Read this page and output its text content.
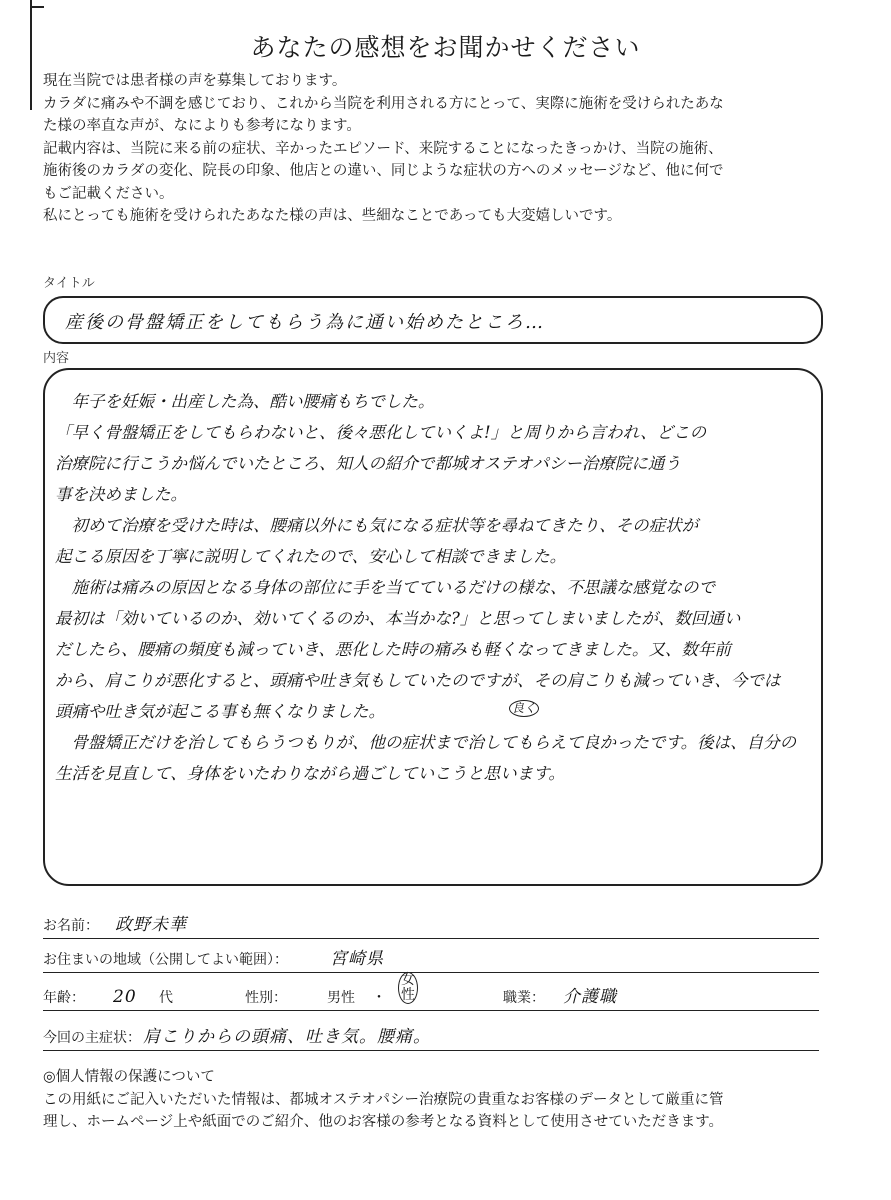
あなたの感想をお聞かせください

現在当院では患者様の声を募集しております。

カラダに痛みや不調を感じており、これから当院を利用される方にとって、実際に施術を受けられたあな

た様の率直な声が、なによりも参考になります。

記載内容は、当院に来る前の症状、辛かったエピソード、来院することになったきっかけ、当院の施術、

施術後のカラダの変化、院長の印象、他店との違い、同じような症状の方へのメッセージなど、他に何で

もご記載ください。

私にとっても施術を受けられたあなた様の声は、些細なことであっても大変嬉しいです。

タイトル
産後の骨盤矯正をしてもらう為に通い始めたところ…
内容

　年子を妊娠・出産した為、酷い腰痛もちでした。

「早く骨盤矯正をしてもらわないと、後々悪化していくよ!」と周りから言われ、どこの

治療院に行こうか悩んでいたところ、知人の紹介で都城オステオパシー治療院に通う

事を決めました。

　初めて治療を受けた時は、腰痛以外にも気になる症状等を尋ねてきたり、その症状が

起こる原因を丁寧に説明してくれたので、安心して相談できました。

　施術は痛みの原因となる身体の部位に手を当てているだけの様な、不思議な感覚なので

最初は「効いているのか、効いてくるのか、本当かな?」と思ってしまいましたが、数回通い

だしたら、腰痛の頻度も減っていき、悪化した時の痛みも軽くなってきました。又、数年前

から、肩こりが悪化すると、頭痛や吐き気もしていたのですが、その肩こりも減っていき、今では

頭痛や吐き気が起こる事も無くなりました。

　骨盤矯正だけを治してもらうつもりが、他の症状まで治してもらえて良かったです。後は、自分の

生活を見直して、身体をいたわりながら過ごしていこうと思います。

良く
お名前： 政野未華
お住まいの地域（公開してよい範囲）： 宮崎県
年齢： 20 代	性別：	男性 ・
女性	職業： 介護職
今回の主症状： 肩こりからの頭痛、吐き気。腰痛。

◎個人情報の保護について

この用紙にご記入いただいた情報は、都城オステオパシー治療院の貴重なお客様のデータとして厳重に管

理し、ホームページ上や紙面でのご紹介、他のお客様の参考となる資料として使用させていただきます。
